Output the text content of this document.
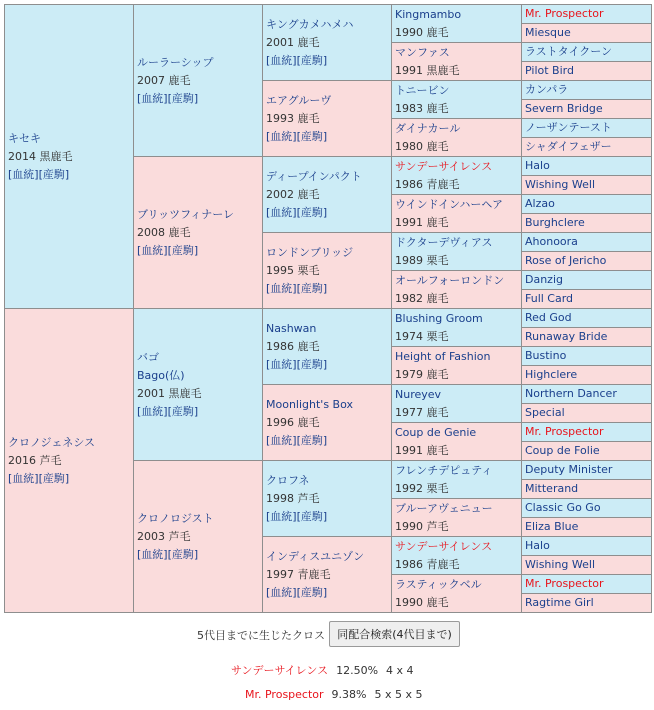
キセキ
2014 黒鹿毛
[血統][産駒]	ルーラーシップ
2007 鹿毛
[血統][産駒]	キングカメハメハ
2001 鹿毛
[血統][産駒]	Kingmambo
1990 鹿毛	Mr. Prospector
				Miesque
			マンファス
1991 黒鹿毛	ラストタイクーン
				Pilot Bird
		エアグルーヴ
1993 鹿毛
[血統][産駒]	トニービン
1983 鹿毛	カンパラ
				Severn Bridge
			ダイナカール
1980 鹿毛	ノーザンテースト
				シャダイフェザー
	ブリッツフィナーレ
2008 鹿毛
[血統][産駒]	ディープインパクト
2002 鹿毛
[血統][産駒]	サンデーサイレンス
1986 青鹿毛	Halo
				Wishing Well
			ウインドインハーヘア
1991 鹿毛	Alzao
				Burghclere
		ロンドンブリッジ
1995 栗毛
[血統][産駒]	ドクターデヴィアス
1989 栗毛	Ahonoora
				Rose of Jericho
			オールフォーロンドン
1982 鹿毛	Danzig
				Full Card
クロノジェネシス
2016 芦毛
[血統][産駒]	バゴ
Bago(仏)
2001 黒鹿毛
[血統][産駒]	Nashwan
1986 鹿毛
[血統][産駒]	Blushing Groom
1974 栗毛	Red God
				Runaway Bride
			Height of Fashion
1979 鹿毛	Bustino
				Highclere
		Moonlight's Box
1996 鹿毛
[血統][産駒]	Nureyev
1977 鹿毛	Northern Dancer
				Special
			Coup de Genie
1991 鹿毛	Mr. Prospector
				Coup de Folie
	クロノロジスト
2003 芦毛
[血統][産駒]	クロフネ
1998 芦毛
[血統][産駒]	フレンチデピュティ
1992 栗毛	Deputy Minister
				Mitterand
			ブルーアヴェニュー
1990 芦毛	Classic Go Go
				Eliza Blue
		インディスユニゾン
1997 青鹿毛
[血統][産駒]	サンデーサイレンス
1986 青鹿毛	Halo
				Wishing Well
			ラスティックベル
1990 鹿毛	Mr. Prospector
				Ragtime Girl
5代目までに生じたクロス	同配合検索(4代目まで)
サンデーサイレンス 12.50% 4 x 4
Mr. Prospector 9.38% 5 x 5 x 5
